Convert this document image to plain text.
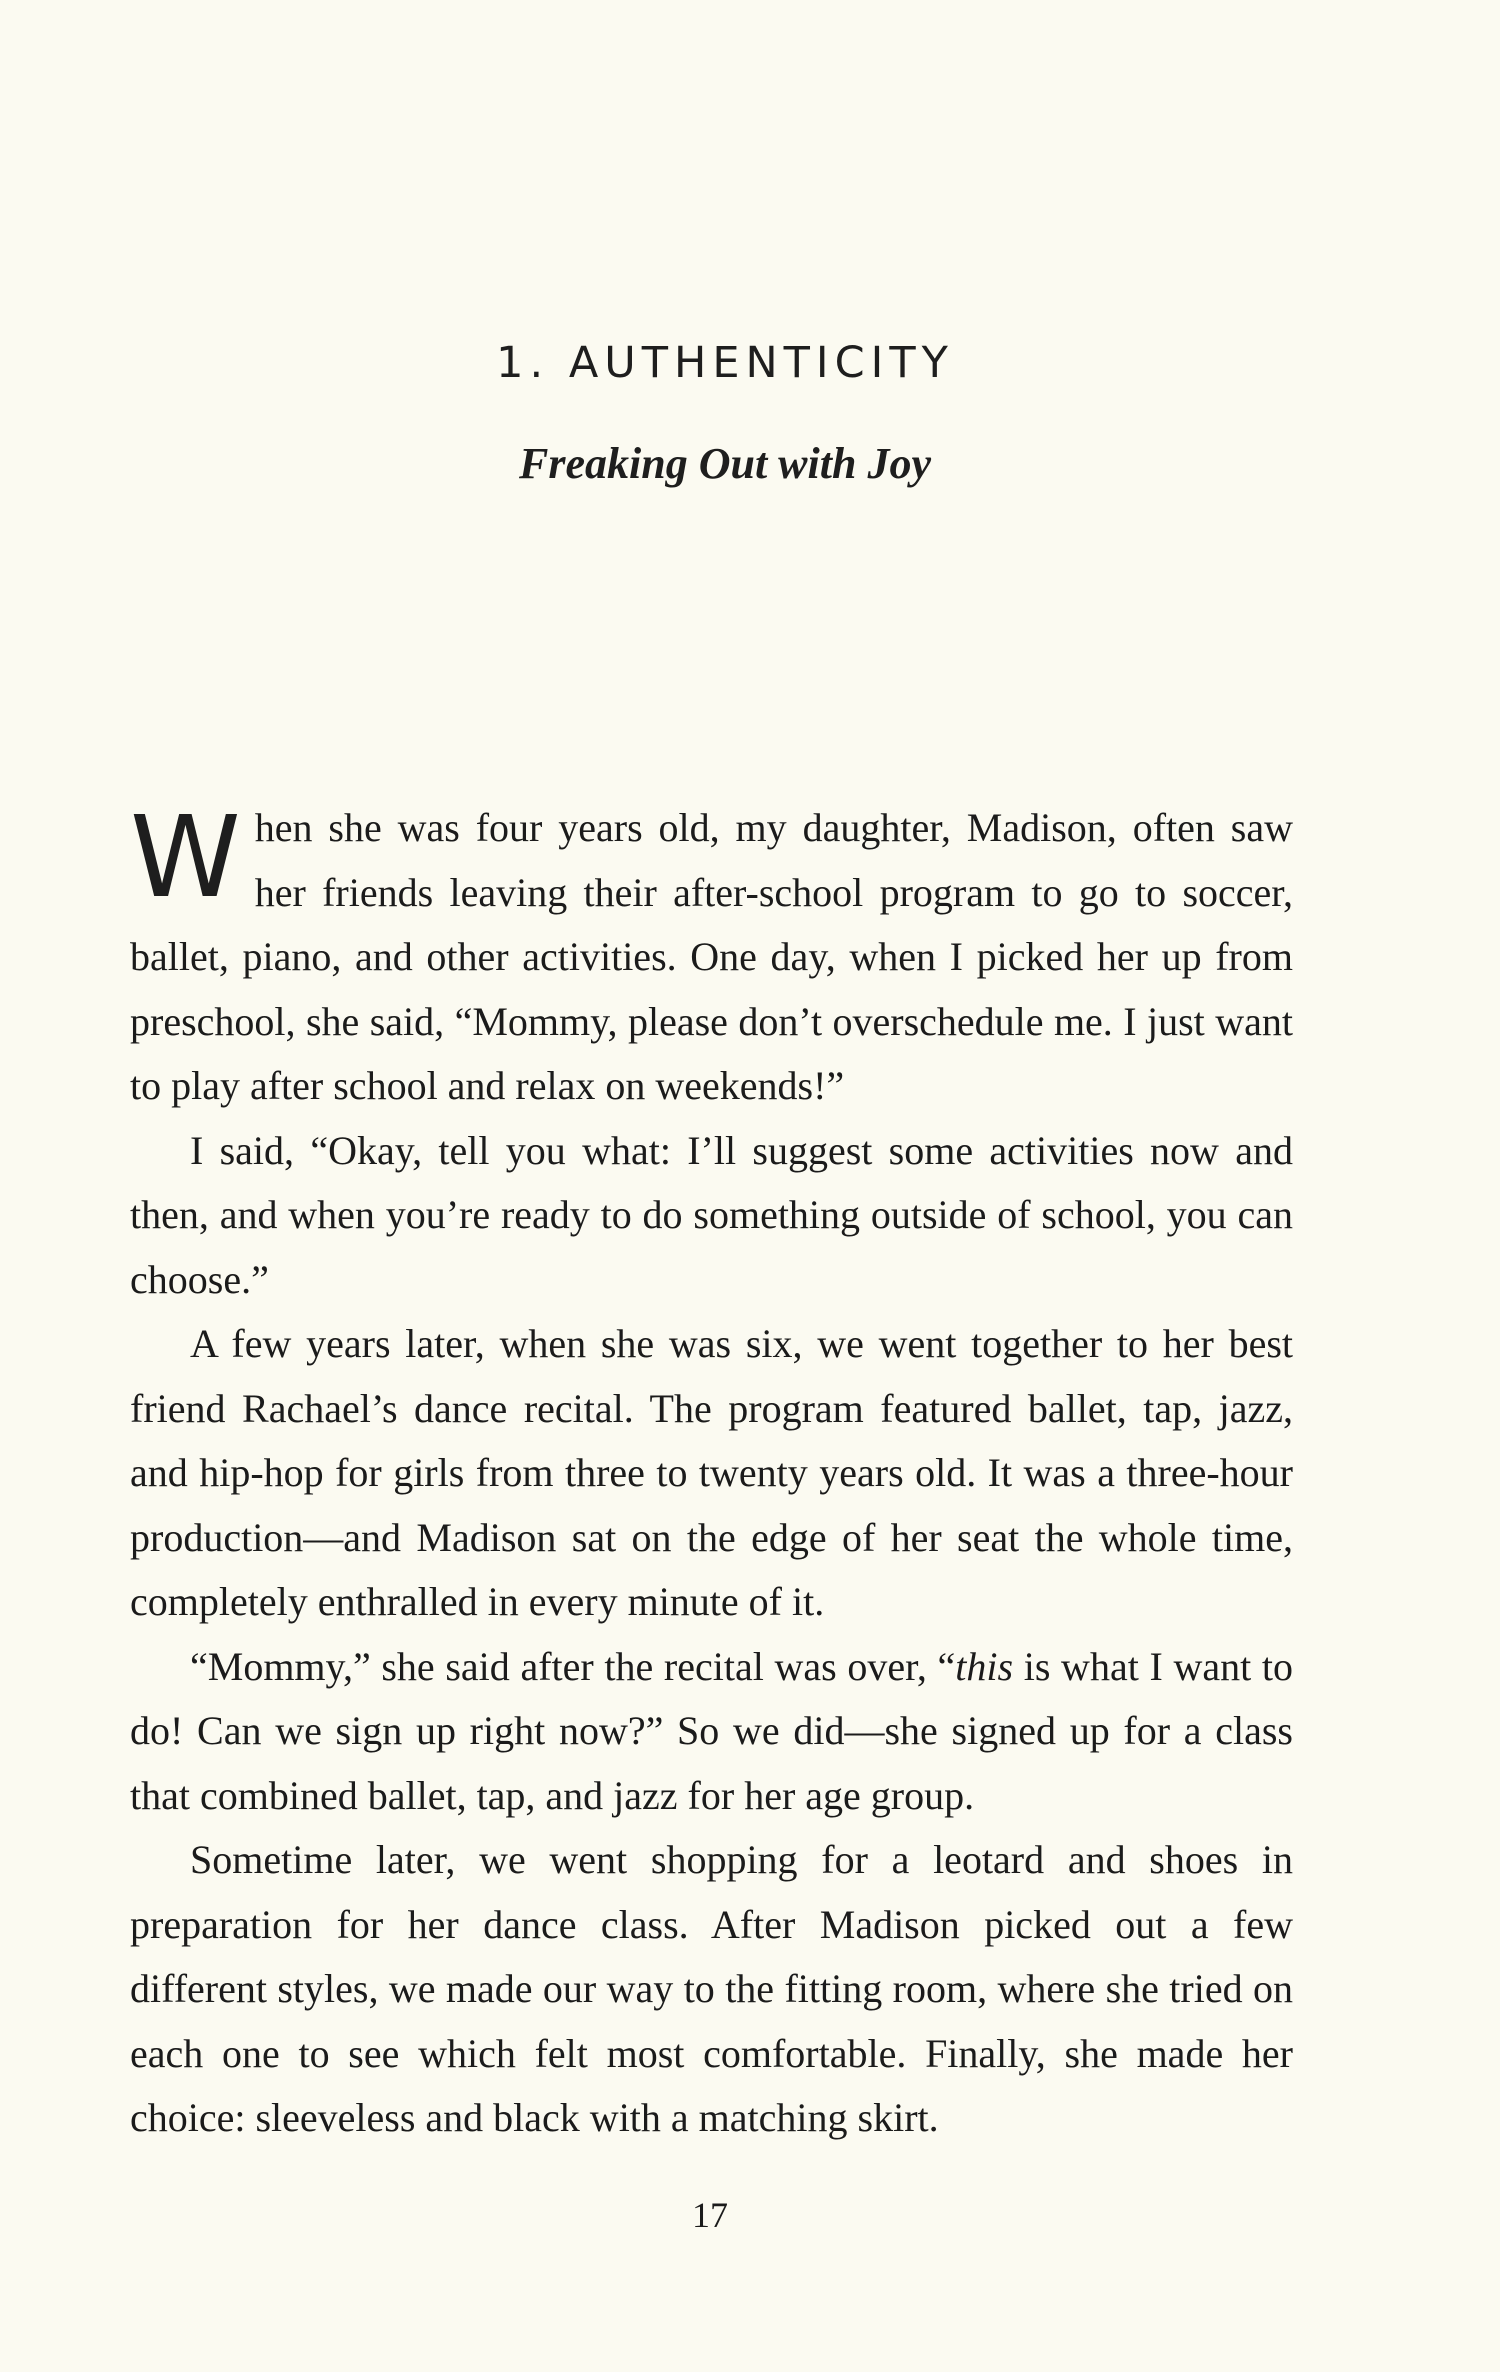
1. AUTHENTICITY
Freaking Out with Joy

When she was four years old, my daughter, Madison, often saw her friends leaving their after-school program to go to soccer, ballet, piano, and other activities. One day, when I picked her up from preschool, she said, “Mommy, please don’t overschedule me. I just want to play after school and relax on weekends!”

I said, “Okay, tell you what: I’ll suggest some activities now and then, and when you’re ready to do something outside of school, you can choose.”

A few years later, when she was six, we went together to her best friend Rachael’s dance recital. The program featured ballet, tap, jazz, and hip-hop for girls from three to twenty years old. It was a three-hour production—and Madison sat on the edge of her seat the whole time, completely enthralled in every minute of it.

“Mommy,” she said after the recital was over, “this is what I want to do! Can we sign up right now?” So we did—she signed up for a class that combined ballet, tap, and jazz for her age group.

Sometime later, we went shopping for a leotard and shoes in preparation for her dance class. After Madison picked out a few different styles, we made our way to the fitting room, where she tried on each one to see which felt most comfortable. Finally, she made her choice: sleeveless and black with a matching skirt.

17
